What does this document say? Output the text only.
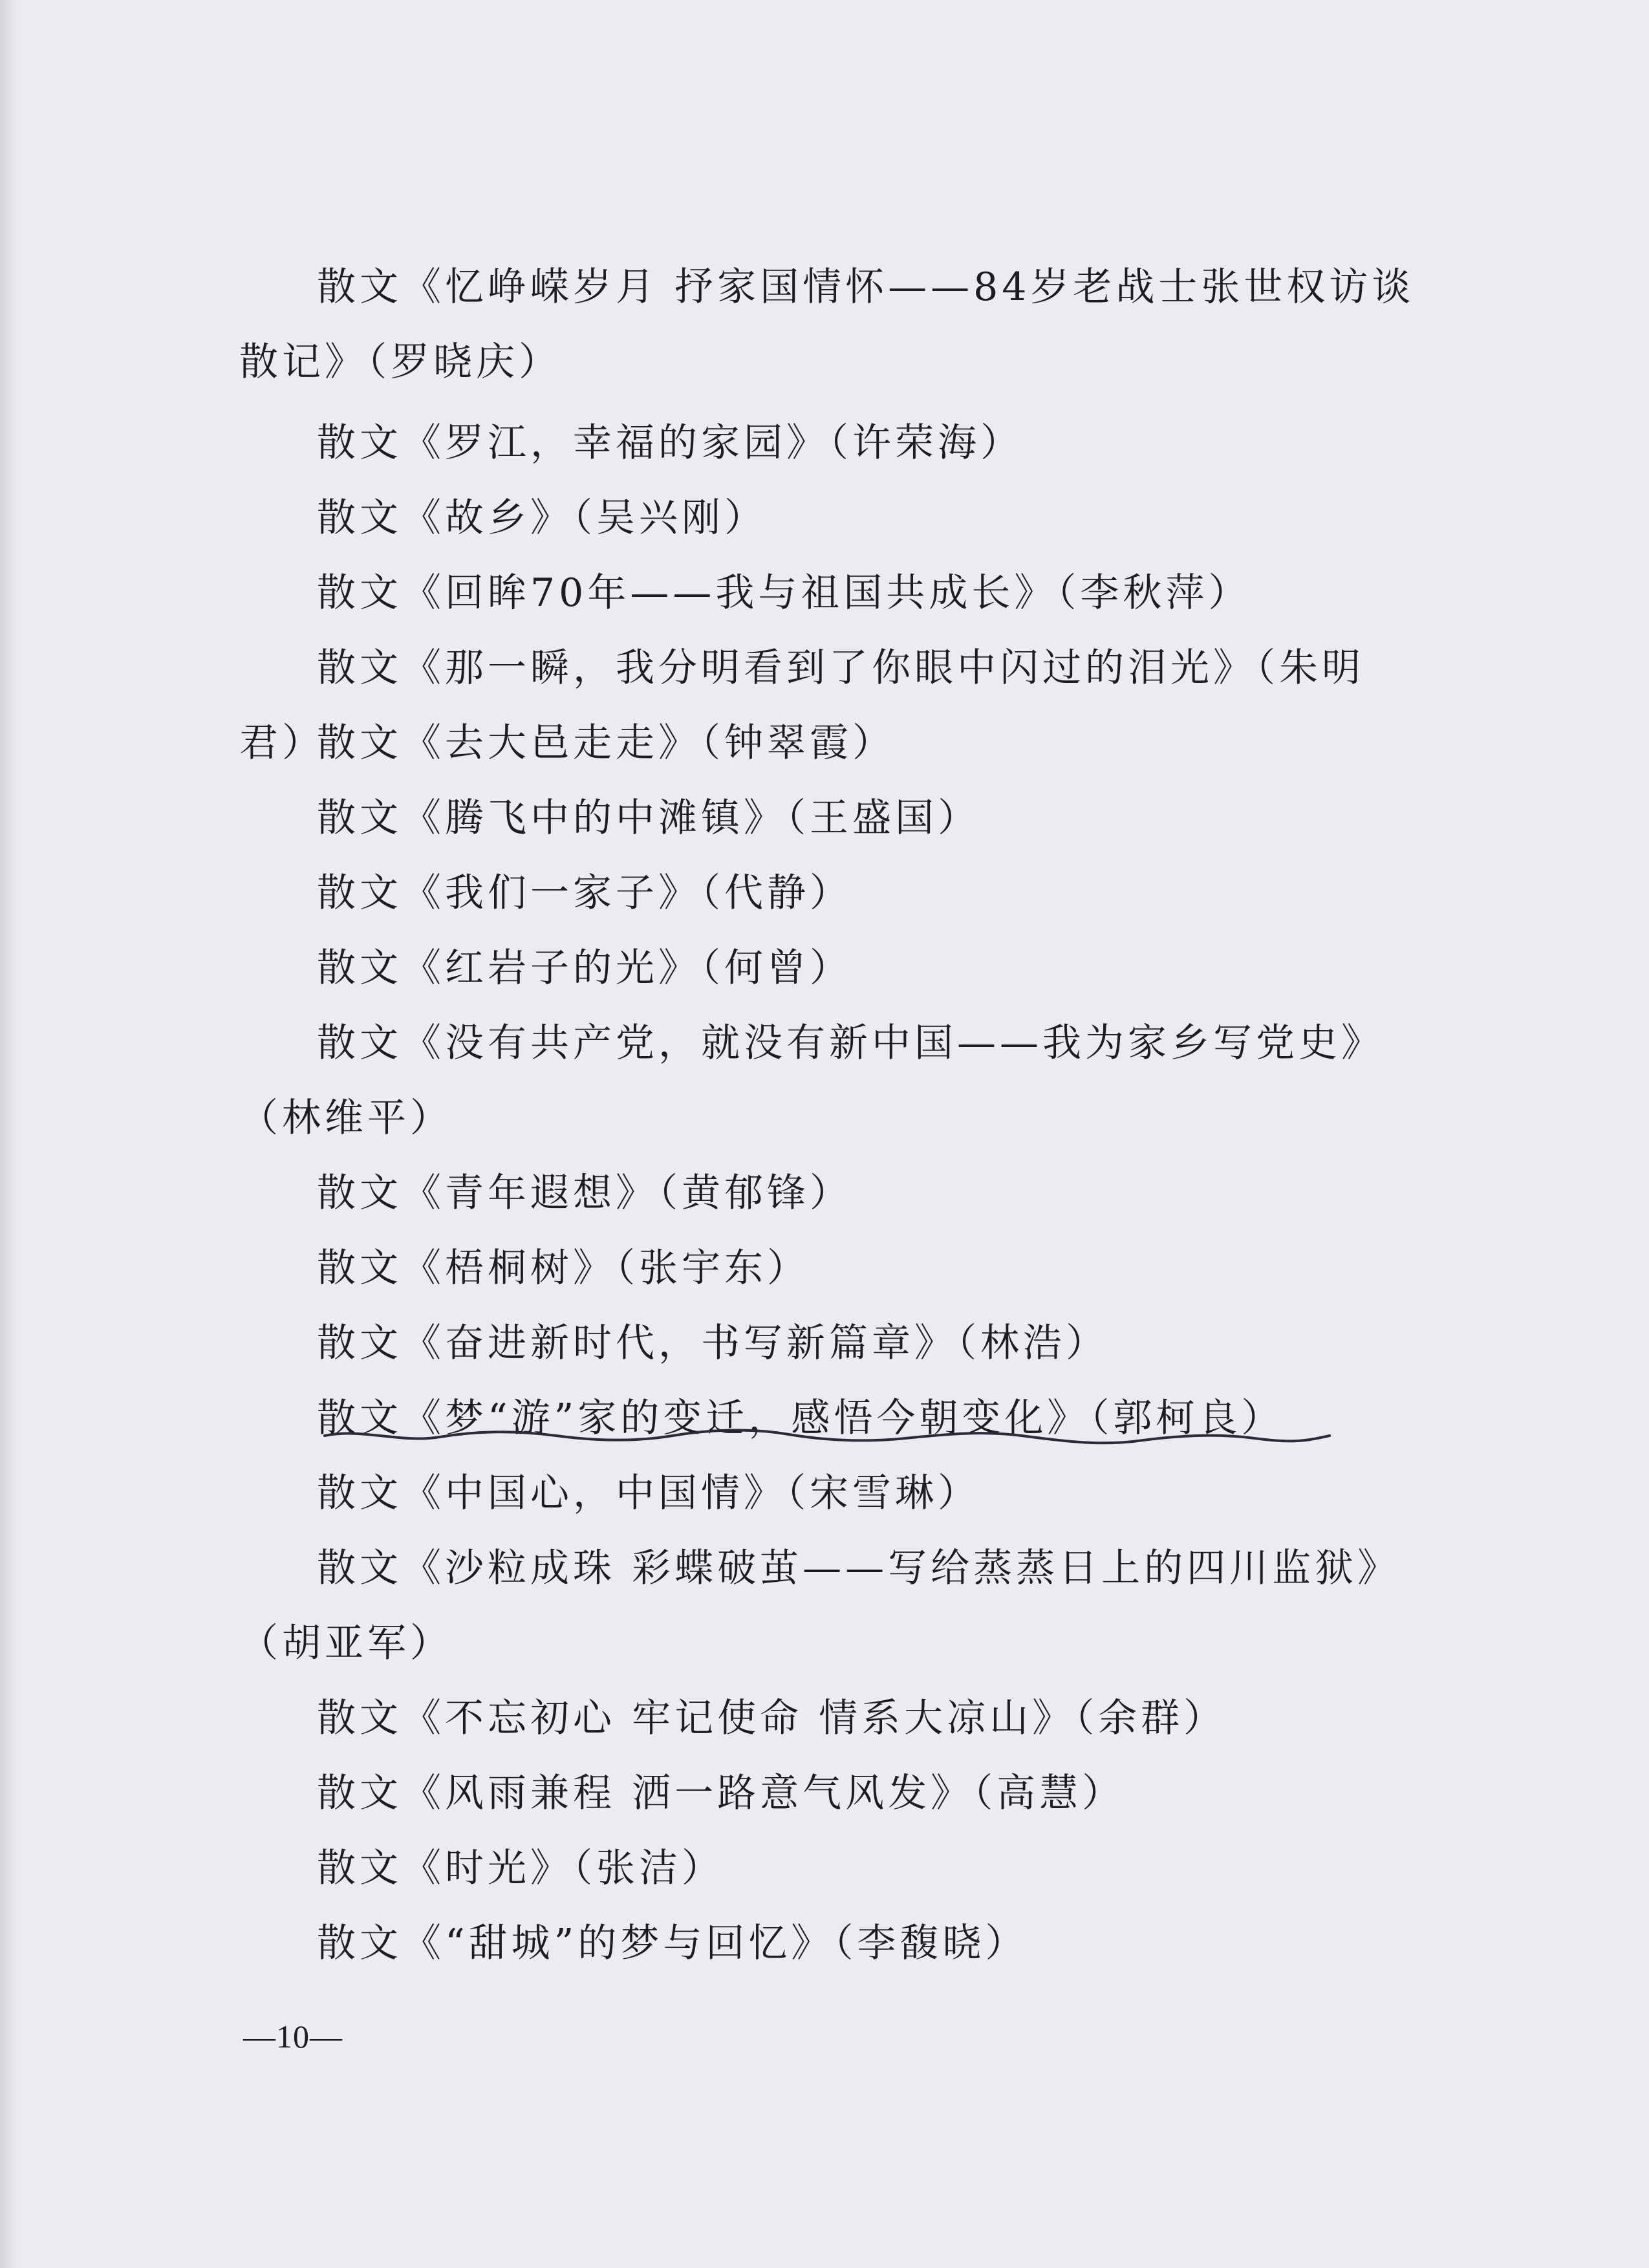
散文《忆峥嵘岁月 抒家国情怀——84岁老战士张世权访谈散记》（罗晓庆）
散文《罗江，幸福的家园》（许荣海）
散文《故乡》（吴兴刚）
散文《回眸70年——我与祖国共成长》（李秋萍）
散文《那一瞬，我分明看到了你眼中闪过的泪光》（朱明君）
散文《去大邑走走》（钟翠霞）
散文《腾飞中的中滩镇》（王盛国）
散文《我们一家子》（代静）
散文《红岩子的光》（何曾）
散文《没有共产党，就没有新中国——我为家乡写党史》（林维平）
散文《青年遐想》（黄郁锋）
散文《梧桐树》（张宇东）
散文《奋进新时代，书写新篇章》（林浩）
散文《梦“游”家的变迁，感悟今朝变化》（郭柯良）
散文《中国心，中国情》（宋雪琳）
散文《沙粒成珠 彩蝶破茧——写给蒸蒸日上的四川监狱》（胡亚军）
散文《不忘初心 牢记使命 情系大凉山》（余群）
散文《风雨兼程 洒一路意气风发》（高慧）
散文《时光》（张洁）
散文《“甜城”的梦与回忆》（李馥晓）
—10—
